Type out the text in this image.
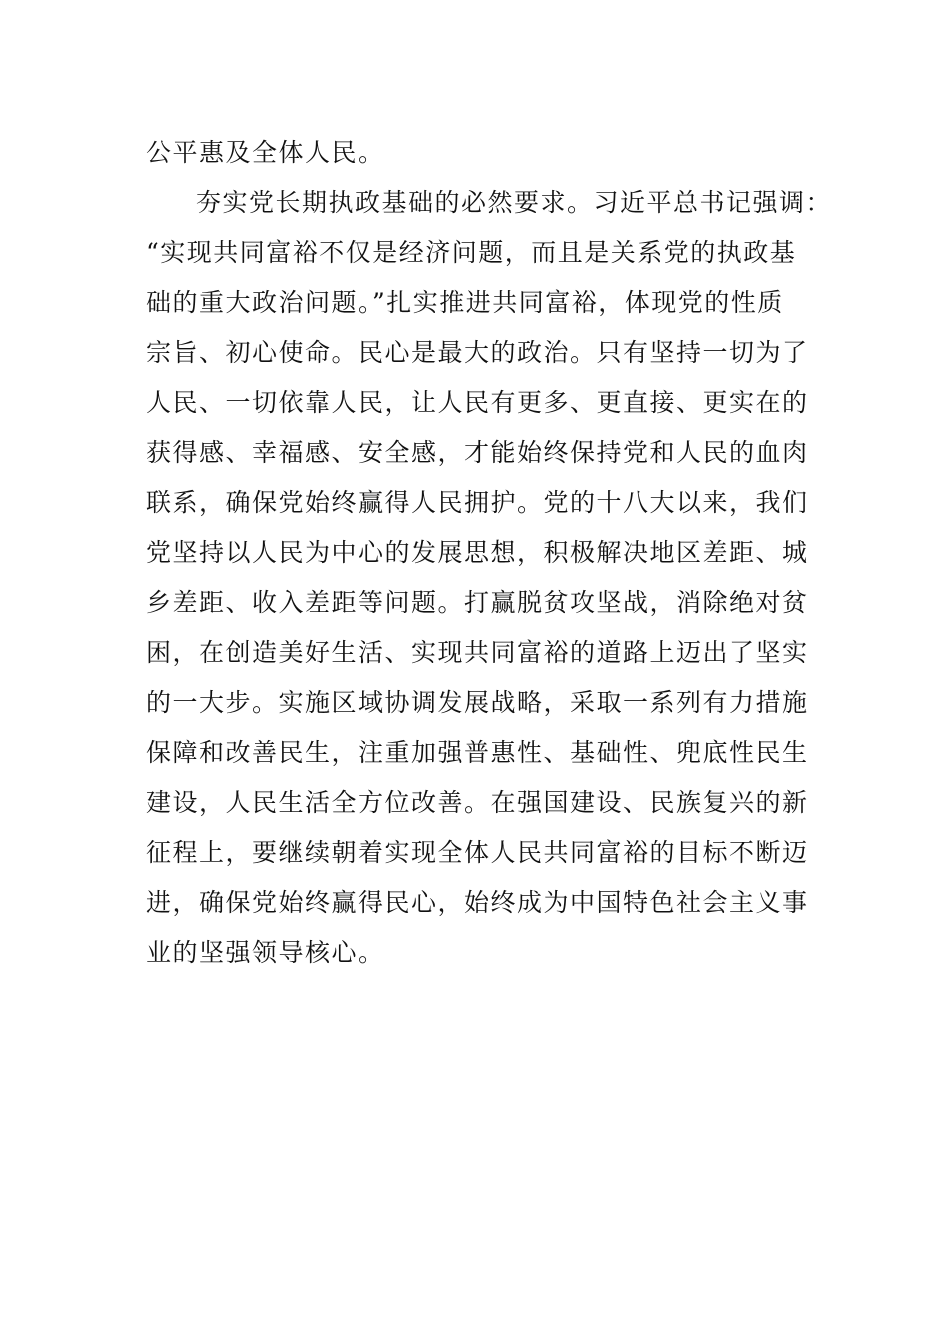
公平惠及全体人民。
夯实党长期执政基础的必然要求。习近平总书记强调：
“实现共同富裕不仅是经济问题，而且是关系党的执政基
础的重大政治问题。”扎实推进共同富裕，体现党的性质
宗旨、初心使命。民心是最大的政治。只有坚持一切为了
人民、一切依靠人民，让人民有更多、更直接、更实在的
获得感、幸福感、安全感，才能始终保持党和人民的血肉
联系，确保党始终赢得人民拥护。党的十八大以来，我们
党坚持以人民为中心的发展思想，积极解决地区差距、城
乡差距、收入差距等问题。打赢脱贫攻坚战，消除绝对贫
困，在创造美好生活、实现共同富裕的道路上迈出了坚实
的一大步。实施区域协调发展战略，采取一系列有力措施
保障和改善民生，注重加强普惠性、基础性、兜底性民生
建设，人民生活全方位改善。在强国建设、民族复兴的新
征程上，要继续朝着实现全体人民共同富裕的目标不断迈
进，确保党始终赢得民心，始终成为中国特色社会主义事
业的坚强领导核心。
